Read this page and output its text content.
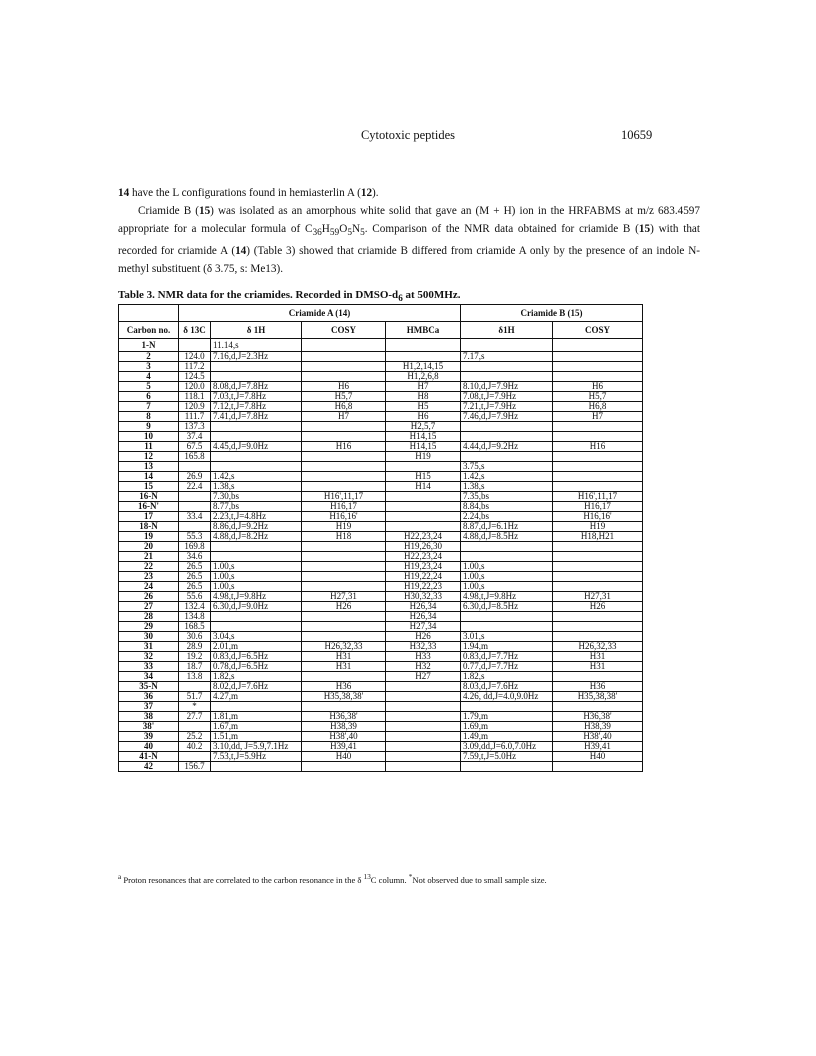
Cytotoxic peptides	10659

14 have the L configurations found in hemiasterlin A (12).

Criamide B (15) was isolated as an amorphous white solid that gave an (M + H) ion in the HRFABMS at m/z 683.4597 appropriate for a molecular formula of $C_{36}H_{59}O_5N_5$. Comparison of the NMR data obtained for criamide B (15) with that recorded for criamide A (14) (Table 3) showed that criamide B differed from criamide A only by the presence of an indole N-methyl substituent (δ 3.75, s: Me13).

Table 3. NMR data for the criamides. Recorded in DMSO-$d_6$ at 500MHz.
	Criamide A (14)				Criamide B (15)	
Carbon no.	δ 13C	δ 1H	COSY	HMBCa	δ1H	COSY
1-N		11.14,s				
2	124.0	7.16,d,J=2.3Hz			7.17,s	
3	117.2			H1,2,14,15		
4	124.5			H1,2,6,8		
5	120.0	8.08,d,J=7.8Hz	H6	H7	8.10,d,J=7.9Hz	H6
6	118.1	7.03,t,J=7.8Hz	H5,7	H8	7.08,t,J=7.9Hz	H5,7
7	120.9	7.12,t,J=7.8Hz	H6,8	H5	7.21,t,J=7.9Hz	H6,8
8	111.7	7.41,d,J=7.8Hz	H7	H6	7.46,d,J=7.9Hz	H7
9	137.3			H2,5,7		
10	37.4			H14,15		
11	67.5	4.45,d,J=9.0Hz	H16	H14,15	4.44,d,J=9.2Hz	H16
12	165.8			H19		
13					3.75,s	
14	26.9	1.42,s		H15	1.42,s	
15	22.4	1.38,s		H14	1.38,s	
16-N		7.30,bs	H16',11,17		7.35,bs	H16',11,17
16-N'		8.77,bs	H16,17		8.84,bs	H16,17
17	33.4	2.23,t,J=4.8Hz	H16,16'		2.24,bs	H16,16'
18-N		8.86,d,J=9.2Hz	H19		8.87,d,J=6.1Hz	H19
19	55.3	4.88,d,J=8.2Hz	H18	H22,23,24	4.88,d,J=8.5Hz	H18,H21
20	169.8			H19,26,30		
21	34.6			H22,23,24		
22	26.5	1.00,s		H19,23,24	1.00,s	
23	26.5	1.00,s		H19,22,24	1.00,s	
24	26.5	1.00,s		H19,22,23	1.00,s	
26	55.6	4.98,t,J=9.8Hz	H27,31	H30,32,33	4.98,t,J=9.8Hz	H27,31
27	132.4	6.30,d,J=9.0Hz	H26	H26,34	6.30,d,J=8.5Hz	H26
28	134.8			H26,34		
29	168.5			H27,34		
30	30.6	3.04,s		H26	3.01,s	
31	28.9	2.01,m	H26,32,33	H32,33	1.94,m	H26,32,33
32	19.2	0.83,d,J=6.5Hz	H31	H33	0.83,d,J=7.7Hz	H31
33	18.7	0.78,d,J=6.5Hz	H31	H32	0.77,d,J=7.7Hz	H31
34	13.8	1.82,s		H27	1.82,s	
35-N		8.02,d,J=7.6Hz	H36		8.03,d,J=7.6Hz	H36
36	51.7	4.27,m	H35,38,38'		4.26, dd,J=4.0,9.0Hz	H35,38,38'
37	*					
38	27.7	1.81,m	H36,38'		1.79,m	H36,38'
38'		1.67,m	H38,39		1.69,m	H38,39
39	25.2	1.51,m	H38',40		1.49,m	H38',40
40	40.2	3.10,dd, J=5.9,7.1Hz	H39,41		3.09,dd,J=6.0,7.0Hz	H39,41
41-N		7.53,t,J=5.9Hz	H40		7.59,t,J=5.0Hz	H40
42	156.7					
$^a$ Proton resonances that are correlated to the carbon resonance in the δ $^{13}$C column. *Not observed due to small sample size.
